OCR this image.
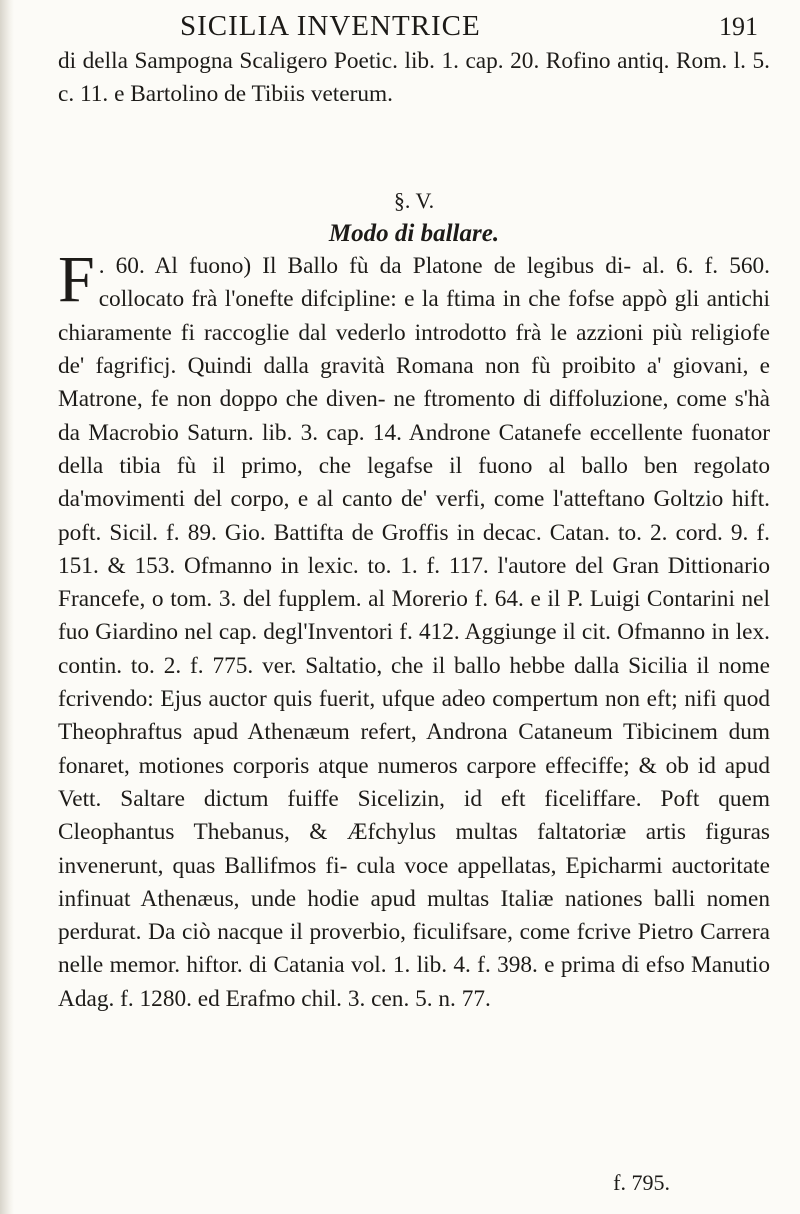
SICILIA INVENTRICE	191

di della Sampogna Scaligero Poetic. lib. 1. cap. 20. Rofino antiq. Rom. l. 5. c. 11. e Bartolino de Tibiis veterum.

§. V.

Modo di ballare.

F . 60. Al fuono) Il Ballo fù da Platone de legibus di- al. 6. f. 560. collocato frà l'onefte difcipline: e la ftima in che fofse appò gli antichi chiaramente fi raccoglie dal vederlo introdotto frà le azzioni più religiofe de' fagrificj. Quindi dalla gravità Romana non fù proibito a' giovani, e Matrone, fe non doppo che diven- ne ftromento di diffoluzione, come s'hà da Macrobio Saturn. lib. 3. cap. 14. Androne Catanefe eccellente fuonator della tibia fù il primo, che legafse il fuono al ballo ben regolato da'movimenti del corpo, e al canto de' verfi, come l'atteftano Goltzio hift. poft. Sicil. f. 89. Gio. Battifta de Groffis in decac. Catan. to. 2. cord. 9. f. 151. & 153. Ofmanno in lexic. to. 1. f. 117. l'autore del Gran Dittionario Francefe, o tom. 3. del fupplem. al Morerio f. 64. e il P. Luigi Contarini nel fuo Giardino nel cap. degl'Inventori f. 412. Aggiunge il cit. Ofmanno in lex. contin. to. 2. f. 775. ver. Saltatio, che il ballo hebbe dalla Sicilia il nome fcrivendo: Ejus auctor quis fuerit, ufque adeo compertum non eft; nifi quod Theophraftus apud Athenæum refert, Androna Cataneum Tibicinem dum fonaret, motiones corporis atque numeros carpore effeciffe; & ob id apud Vett. Saltare dictum fuiffe Sicelizin, id eft ficeliffare. Poft quem Cleophantus Thebanus, & Æfchylus multas faltatoriæ artis figuras invenerunt, quas Ballifmos fi- cula voce appellatas, Epicharmi auctoritate infinuat Athenæus, unde hodie apud multas Italiæ nationes balli nomen perdurat. Da ciò nacque il proverbio, ficulifsare, come fcrive Pietro Carrera nelle memor. hiftor. di Catania vol. 1. lib. 4. f. 398. e prima di efso Manutio Adag. f. 1280. ed Erafmo chil. 3. cen. 5. n. 77.

f. 795.
